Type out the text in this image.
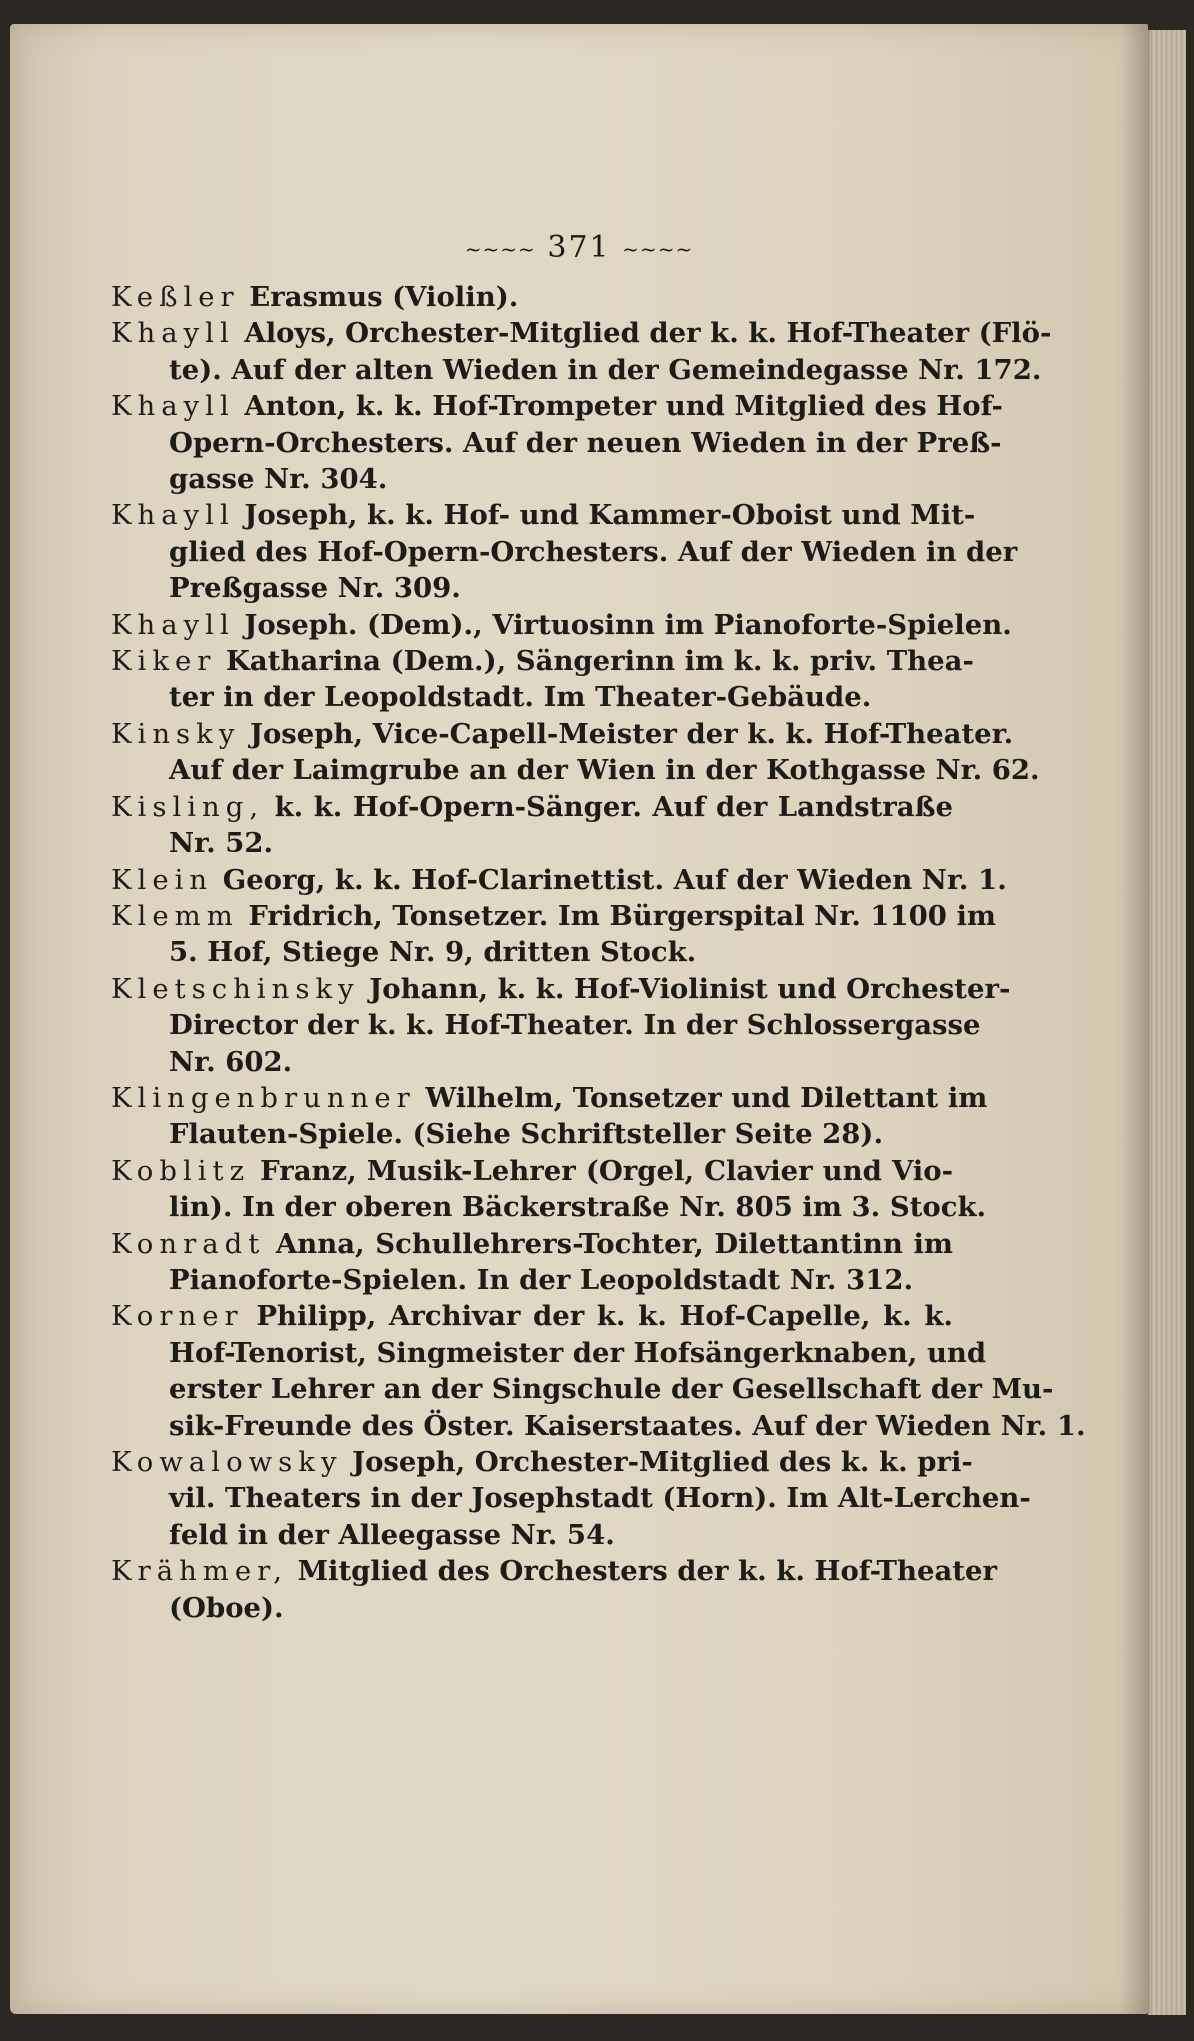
~~~~ 371 ~~~~
Keßler Erasmus (Violin).
Khayll Aloys, Orchester-Mitglied der k. k. Hof-Theater (Flö-
te). Auf der alten Wieden in der Gemeindegasse Nr. 172.
Khayll Anton, k. k. Hof-Trompeter und Mitglied des Hof-
Opern-Orchesters. Auf der neuen Wieden in der Preß-
gasse Nr. 304.
Khayll Joseph, k. k. Hof- und Kammer-Oboist und Mit-
glied des Hof-Opern-Orchesters. Auf der Wieden in der
Preßgasse Nr. 309.
Khayll Joseph. (Dem)., Virtuosinn im Pianoforte-Spielen.
Kiker Katharina (Dem.), Sängerinn im k. k. priv. Thea-
ter in der Leopoldstadt. Im Theater-Gebäude.
Kinsky Joseph, Vice-Capell-Meister der k. k. Hof-Theater.
Auf der Laimgrube an der Wien in der Kothgasse Nr. 62.
Kisling, k. k. Hof-Opern-Sänger. Auf der Landstraße
Nr. 52.
Klein Georg, k. k. Hof-Clarinettist. Auf der Wieden Nr. 1.
Klemm Fridrich, Tonsetzer. Im Bürgerspital Nr. 1100 im
5. Hof, Stiege Nr. 9, dritten Stock.
Kletschinsky Johann, k. k. Hof-Violinist und Orchester-
Director der k. k. Hof-Theater. In der Schlossergasse
Nr. 602.
Klingenbrunner Wilhelm, Tonsetzer und Dilettant im
Flauten-Spiele. (Siehe Schriftsteller Seite 28).
Koblitz Franz, Musik-Lehrer (Orgel, Clavier und Vio-
lin). In der oberen Bäckerstraße Nr. 805 im 3. Stock.
Konradt Anna, Schullehrers-Tochter, Dilettantinn im
Pianoforte-Spielen. In der Leopoldstadt Nr. 312.
Korner Philipp, Archivar der k. k. Hof-Capelle, k. k.
Hof-Tenorist, Singmeister der Hofsängerknaben, und
erster Lehrer an der Singschule der Gesellschaft der Mu-
sik-Freunde des Öster. Kaiserstaates. Auf der Wieden Nr. 1.
Kowalowsky Joseph, Orchester-Mitglied des k. k. pri-
vil. Theaters in der Josephstadt (Horn). Im Alt-Lerchen-
feld in der Alleegasse Nr. 54.
Krähmer, Mitglied des Orchesters der k. k. Hof-Theater
(Oboe).
